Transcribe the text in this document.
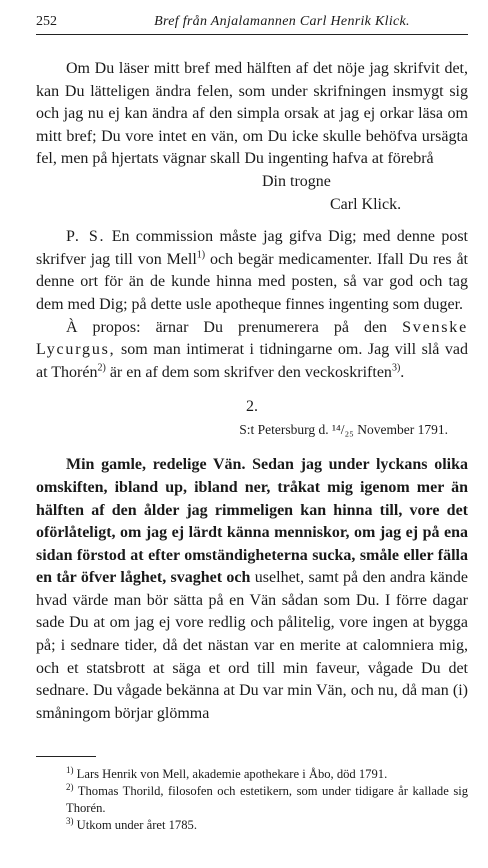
252	Bref från Anjalamannen Carl Henrik Klick.

Om Du läser mitt bref med hälften af det nöje jag skrifvit det, kan Du lätteligen ändra felen, som under skrifningen insmygt sig och jag nu ej kan ändra af den simpla orsak at jag ej orkar läsa om mitt bref; Du vore intet en vän, om Du icke skulle behöfva ursägta fel, men på hjertats vägnar skall Du ingenting hafva at förebrå

Din trogne

Carl Klick.

P. S. En commission måste jag gifva Dig; med denne post skrifver jag till von Mell$^{1)}$ och begär medicamenter. Ifall Du res åt denne ort för än de kunde hinna med posten, så var god och tag dem med Dig; på dette usle apotheque finnes ingenting som duger.

À propos: ärnar Du prenumerera på den Svenske Lycurgus, som man intimerat i tidningarne om. Jag vill slå vad at Thorén$^{2)}$ är en af dem som skrifver den veckoskriften$^{3)}$.

2.

S:t Petersburg d. ¹⁴/₂₅ November 1791.

Min gamle, redelige Vän. Sedan jag under lyckans olika omskiften, ibland up, ibland ner, tråkat mig igenom mer än hälften af den ålder jag rimmeligen kan hinna till, vore det oförlåteligt, om jag ej lärdt känna menniskor, om jag ej på ena sidan förstod at efter omständigheterna sucka, småle eller fälla en tår öfver låghet, svaghet och uselhet, samt på den andra kände hvad värde man bör sätta på en Vän sådan som Du. I förre dagar sade Du at om jag ej vore redlig och pålitelig, vore ingen at bygga på; i sednare tider, då det nästan var en merite at calomniera mig, och et statsbrott at säga et ord till min faveur, vågade Du det sednare. Du vågade bekänna at Du var min Vän, och nu, då man (i) småningom börjar glömma

$^{1)}$ Lars Henrik von Mell, akademie apothekare i Åbo, död 1791.

$^{2)}$ Thomas Thorild, filosofen och estetikern, som under tidigare år kallade sig Thorén.

$^{3)}$ Utkom under året 1785.
